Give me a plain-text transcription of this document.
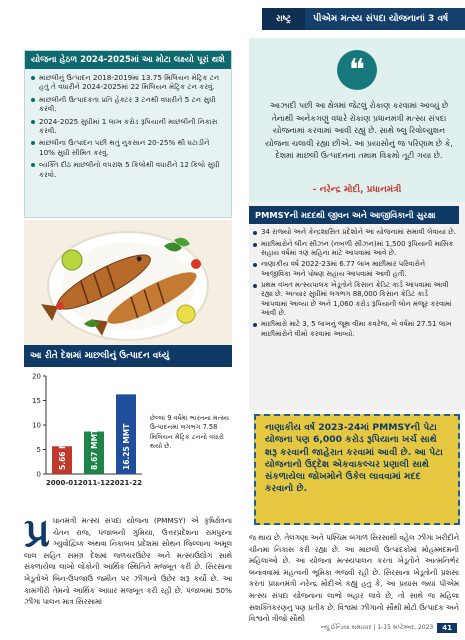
રાષ્ટ્ર	પીએમ મત્સ્ય સંપદા યોજનાનાં 3 વર્ષ
યોજના હેઠળ 2024-2025માં આ મોટા લક્ષ્યો પૂરાં થશે
માછલીનું ઉત્પાદન 2018-2019માં 13.75 મિલિયન મેટ્રિક ટન હતું તે વધારીને 2024-2025માં 22 મિલિયન મેટ્રિક ટન કરવું.
માછલીની ઉત્પાદકતા પ્રતિ હેક્ટર 3 ટનથી વધારીને 5 ટન સુધી કરવી.
2024-2025 સુધીમાં 1 લાખ કરોડ રૂપિયાની માછલીની નિકાસ કરવી.
માછલીના ઉત્પાદન પછી થતું નુકસાન 20-25% થી ઘટાડીને 10% સુધી સીમિત કરવું.
વ્યક્તિ દીઠ માછલીનો વપરાશ 5 કિલોથી વધારીને 12 કિલો સુધી કરવો.
આ રીતે દેશમાં માછલીનું ઉત્પાદન વધ્યું
0
5
10
15
20
5.66 MMT
2000-01
8.67 MMT
2011-12
16.25 MMT
2021-22
છેલ્લાં 9 વર્ષમાં ભારતના મત્સ્ય ઉત્પાદનમાં લગભગ 7.58 મિલિયન મેટ્રિક ટનનો વધારો થયો છે.
❝
આઝાદી પછી આ ક્ષેત્રમાં જેટલું રોકાણ કરવામાં આવ્યું છે તેનાથી અનેકગણું વધારે રોકાણ પ્રધાનમંત્રી મત્સ્ય સંપદા યોજનામાં કરવામાં આવી રહ્યું છે. સાથે બ્લુ રિવોલ્યુશન યોજના ચલાવી રહ્યા છીએ. આ પ્રયાસોનું જ પરિણામ છે કે, દેશમાં માછલી ઉત્પાદનના તમામ વિક્રમો તૂટી ગયા છે.
- નરેન્દ્ર મોદી, પ્રધાનમંત્રી
PMMSYની મદદથી જીવન અને આજીવિકાની સુરક્ષા
34 રાજ્યો અને કેન્દ્રશાસિત પ્રદેશોને આ યોજનામાં સમાવી લેવાયા છે.
માછીમારોને લીન સીઝન (નબળી સીઝન)માં 1,500 રૂપિયાની માસિક સહાય વર્ષમાં ત્રણ મહિના માટે આપવામાં આવે છે.
નાણાકીય વર્ષ 2022-23માં 6.77 લાખ માછીમાર પરિવારોને આજીવિકા અને પોષણ સહાય આપવામાં આવી હતી.
પ્રથમ વખત મત્સ્યપાલક ખેડૂતોને કિસાન ક્રેડિટ કાર્ડ આપવામાં આવી રહ્યા છે. અત્યાર સુધીમાં લગભગ 88,000 કિસાન ક્રેડિટ કાર્ડ આપવામાં આવ્યા છે અને 1,060 કરોડ રૂપિયાની લોન મંજૂર કરવામાં આવી છે.
માછીમારો માટે 3, 5 લાખનું જૂથ વીમા કવરેજ, બે વર્ષમાં 27.51 લાખ માછીમારોને વીમો કરવામાં આવ્યો.
નાણાકીય વર્ષ 2023-24માં PMMSYની પેટા યોજના પણ 6,000 કરોડ રૂપિયાના ખર્ચ સાથે શરૂ કરવાની જાહેરાત કરવામાં આવી છે. આ પેટા યોજનાનો ઉદ્દેશ એકવાકલ્ચર પ્રણાલી સાથે સંકળાયેલા જોખમોને ઉકેલ લાવવામાં મદદ કરવાનો છે.
પ્ર ધાનમંત્રી મત્સ્ય સંપદા યોજના (PMMSY) એ કૃષિક્ષેત્રના ચેતન રાજ, પંજાબની ગુમિયા, ઉત્તરપ્રદેશના રામપુરના ગ્યુવોદ્વિષ્ક અથવા નિકાબવ પ્રદેશમાં સોથન જિલ્લાના અમૂલ લાલ સહિત સમગ્ર દેશમાં જળચરઉછેર અને મત્સ્યઉદ્યોગ સાથે સંકળાયેલા લાખો લોકોની આર્થિક સ્થિતિને મજબૂત કરી છે. સિરસાના ખેડૂતોએ બિન-ઉપજાઉ જમીન પર ઝીંગાનો ઉછેર શરૂ કર્યો છે. આ કામગીરી તેમનો આર્થિક આધાર મજબૂત કરી રહી છે. પંજાબમાં 50% ઝીંગા પાલન માત્ર સિરસામાં
જ થાય છે. તેલંગણા અને પશ્ચિમ બંગાળ સિરસાથી વહેલ ઝીંગા ખરીદીને ચીનમાં નિકાસ કરી રહ્યા છે. આ માછલી ઉત્પાદકોમાં મોહમ્મદમની મહિલાઓ છે. આ યોજના મત્સ્યપાલન કરતા ખેડૂતોને આત્મનિર્ભર બનાવવામાં મહત્વની ભૂમિકા ભજવી રહી છે. સિરસાના ખેડૂતોની પ્રશંસા કરતાં પ્રધાનમંત્રી નરેન્દ્ર મોદીએ કહ્યું હતું કે, આ પ્રયાસ જ્યાં પીએમ મત્સ્ય સંપદા યોજનાના લાભો બહાર લાવે છે, તો સાથે જ મહિલા સશક્તિકરણનું પણ પ્રતીક છે. વિશ્વમાં ઝીંગાનો સૌથી મોટો ઉત્પાદક અને વિશ્વનો ત્રીજો સૌથી
ન્યૂ ઈન્ડિયા સમાચાર | 1-15 સપ્ટેમ્બર, 2023	41
